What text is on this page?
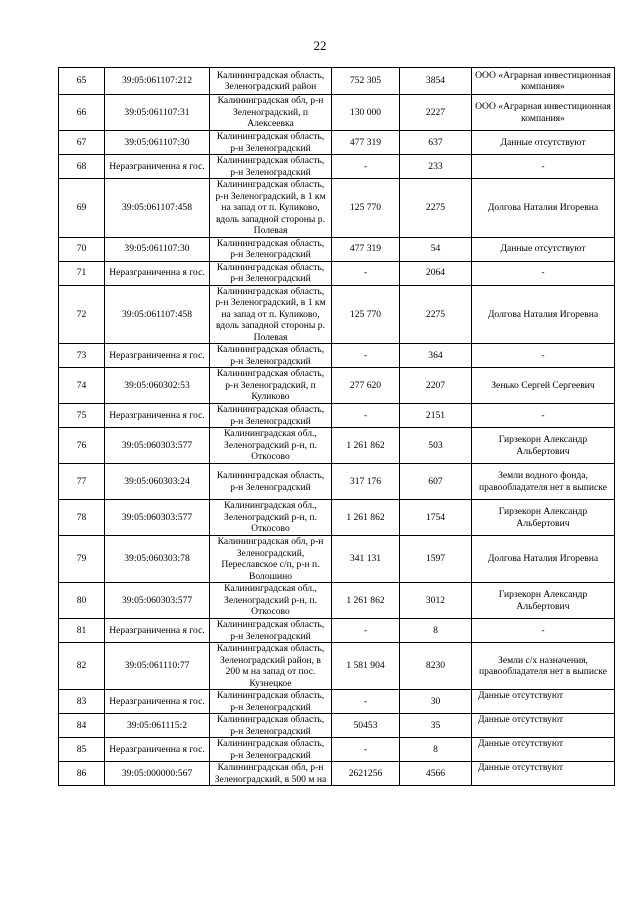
22
65	39:05:061107:212	Калининградская область, Зеленоградский район	752 305	3854	ООО «Аграрная инвестиционная компания»
66	39:05:061107:31	Калининградская обл, р-н Зеленоградский, п Алексеевка	130 000	2227	ООО «Аграрная инвестиционная компания»
67	39:05:061107:30	Калининградская область, р-н Зеленоградский	477 319	637	Данные отсутствуют
68	Неразграниченна я гос.	Калининградская область, р-н Зеленоградский	-	233	-
69	39:05:061107:458	Калининградская область, р-н Зеленоградский, в 1 км на запад от п. Куликово, вдоль западной стороны р. Полевая	125 770	2275	Долгова Наталия Игоревна
70	39:05:061107:30	Калининградская область, р-н Зеленоградский	477 319	54	Данные отсутствуют
71	Неразграниченна я гос.	Калининградская область, р-н Зеленоградский	-	2064	-
72	39:05:061107:458	Калининградская область, р-н Зеленоградский, в 1 км на запад от п. Куликово, вдоль западной стороны р. Полевая	125 770	2275	Долгова Наталия Игоревна
73	Неразграниченна я гос.	Калининградская область, р-н Зеленоградский	-	364	-
74	39:05:060302:53	Калининградская область, р-н Зеленоградский, п Куликово	277 620	2207	Зенько Сергей Сергеевич
75	Неразграниченна я гос.	Калининградская область, р-н Зеленоградский	-	2151	-
76	39:05:060303:577	Калининградская обл., Зеленоградский р-н, п. Откосово	1 261 862	503	Гирзекорн Александр Альбертович
77	39:05:060303:24	Калининградская область, р-н Зеленоградский	317 176	607	Земли водного фонда, правообладателя нет в выписке
78	39:05:060303:577	Калининградская обл., Зеленоградский р-н, п. Откосово	1 261 862	1754	Гирзекорн Александр Альбертович
79	39:05:060303:78	Калининградская обл, р-н Зеленоградский, Переславское с/п, р-н п. Волошино	341 131	1597	Долгова Наталия Игоревна
80	39:05:060303:577	Калининградская обл., Зеленоградский р-н, п. Откосово	1 261 862	3012	Гирзекорн Александр Альбертович
81	Неразграниченна я гос.	Калининградская область, р-н Зеленоградский	-	8	-
82	39:05:061110:77	Калининградская область, Зеленоградский район, в 200 м на запад от пос. Кузнецкое	1 581 904	8230	Земли с/х назначения, правообладателя нет в выписке
83	Неразграниченна я гос.	Калининградская область, р-н Зеленоградский	-	30	Данные отсутствуют
84	39:05:061115:2	Калининградская область, р-н Зеленоградский	50453	35	Данные отсутствуют
85	Неразграниченна я гос.	Калининградская область, р-н Зеленоградский	-	8	Данные отсутствуют
86	39:05:000000:567	Калининградская обл, р-н Зеленоградский, в 500 м на	2621256	4566	Данные отсутствуют
